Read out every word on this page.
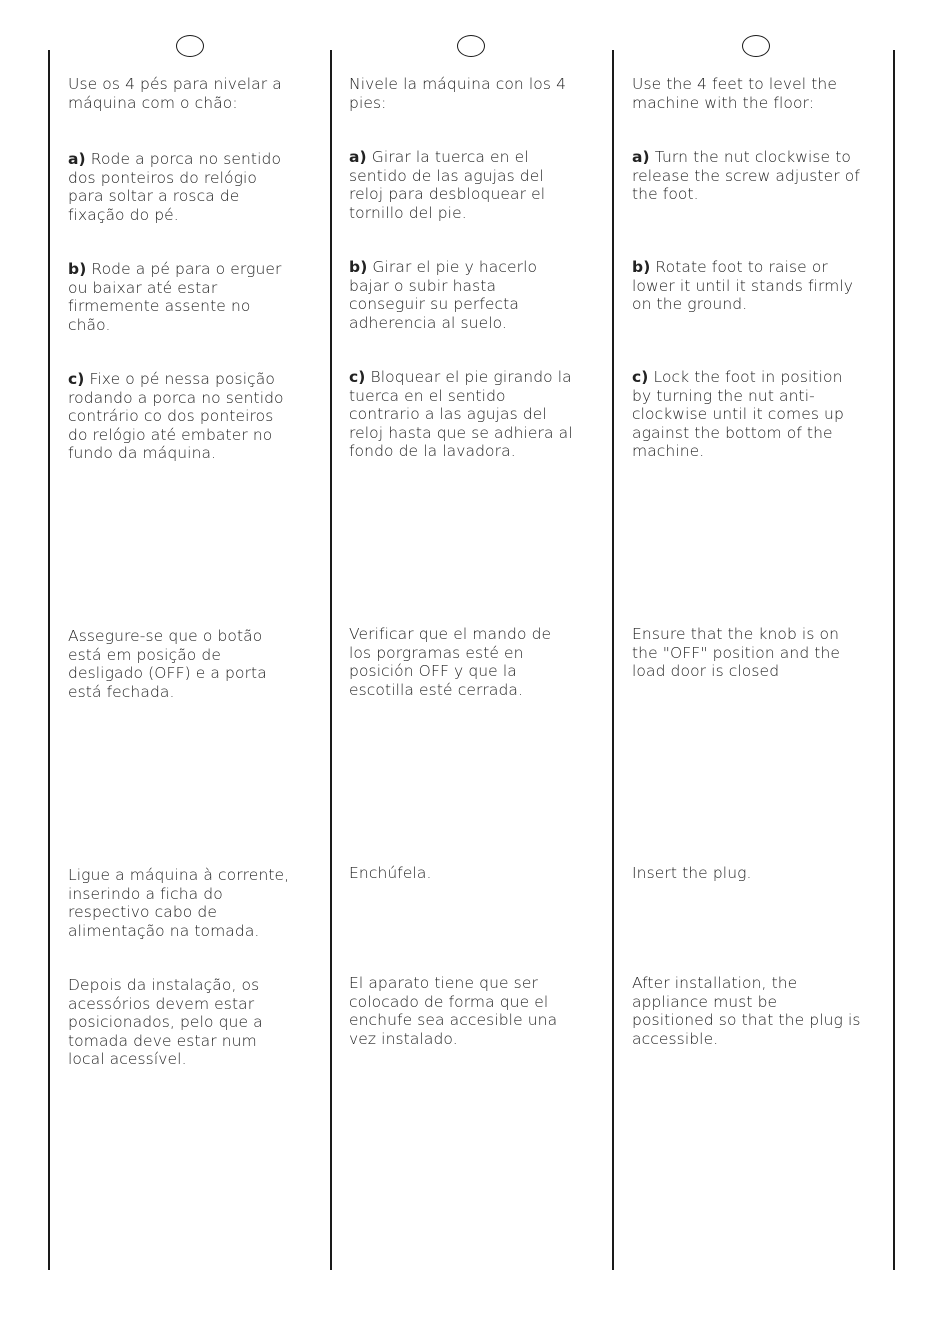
Use os 4 pés para nivelar a
máquina com o chão:
a) Rode a porca no sentido
dos ponteiros do relógio
para soltar a rosca de
fixação do pé.
b) Rode a pé para o erguer
ou baixar até estar
firmemente assente no
chão.
c) Fixe o pé nessa posição
rodando a porca no sentido
contrário co dos ponteiros
do relógio até embater no
fundo da máquina.
Assegure-se que o botão
está em posição de
desligado (OFF) e a porta
está fechada.
Ligue a máquina à corrente,
inserindo a ficha do
respectivo cabo de
alimentação na tomada.
Depois da instalação, os
acessórios devem estar
posicionados, pelo que a
tomada deve estar num
local acessível.
Nivele la máquina con los 4
pies:
a) Girar la tuerca en el
sentido de las agujas del
reloj para desbloquear el
tornillo del pie.
b) Girar el pie y hacerlo
bajar o subir hasta
conseguir su perfecta
adherencia al suelo.
c) Bloquear el pie girando la
tuerca en el sentido
contrario a las agujas del
reloj hasta que se adhiera al
fondo de la lavadora.
Verificar que el mando de
los porgramas esté en
posición OFF y que la
escotilla esté cerrada.
Enchúfela.
El aparato tiene que ser
colocado de forma que el
enchufe sea accesible una
vez instalado.
Use the 4 feet to level the
machine with the floor:
a) Turn the nut clockwise to
release the screw adjuster of
the foot.
b) Rotate foot to raise or
lower it until it stands firmly
on the ground.
c) Lock the foot in position
by turning the nut anti-
clockwise until it comes up
against the bottom of the
machine.
Ensure that the knob is on
the "OFF" position and the
load door is closed
Insert the plug.
After installation, the
appliance must be
positioned so that the plug is
accessible.
